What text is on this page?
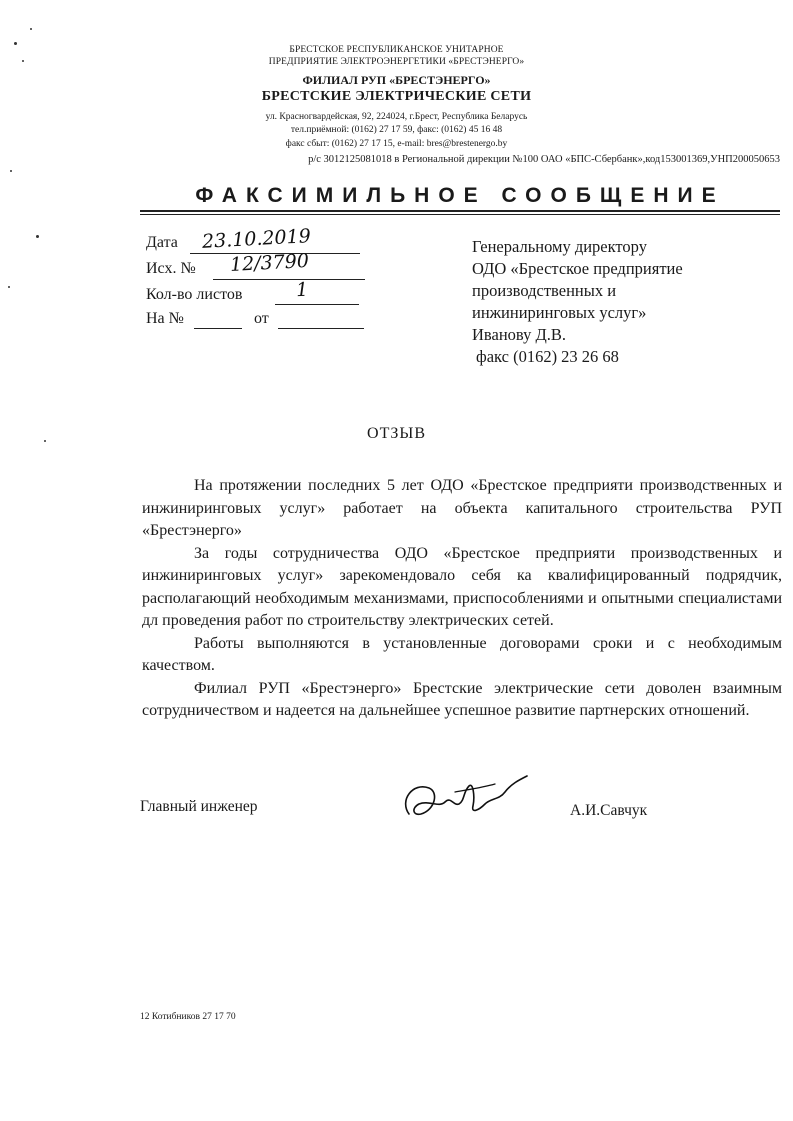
БРЕСТСКОЕ РЕСПУБЛИКАНСКОЕ УНИТАРНОЕ
ПРЕДПРИЯТИЕ ЭЛЕКТРОЭНЕРГЕТИКИ «БРЕСТЭНЕРГО»
ФИЛИАЛ РУП «БРЕСТЭНЕРГО»
БРЕСТСКИЕ ЭЛЕКТРИЧЕСКИЕ СЕТИ
ул. Красногвардейская, 92, 224024, г.Брест, Республика Беларусь
тел.приёмной: (0162) 27 17 59, факс: (0162) 45 16 48
факс сбыт: (0162) 27 17 15, e-mail: bres@brestenergo.by
р/с 3012125081018 в Региональной дирекции №100 ОАО «БПС-Сбербанк»,код153001369,УНП200050653
ФАКСИМИЛЬНОЕ СООБЩЕНИЕ
Дата 23.10.2019
Исх. № 12/3790
Кол-во листов	1
На №	от
Генеральному директору
ОДО «Брестское предприятие
производственных и
инжиниринговых услуг»
Иванову Д.В.
факс (0162) 23 26 68
ОТЗЫВ

На протяжении последних 5 лет ОДО «Брестское предприяти производственных и инжиниринговых услуг» работает на объекта капитального строительства РУП «Брестэнерго»

За годы сотрудничества ОДО «Брестское предприяти производственных и инжиниринговых услуг» зарекомендовало себя ка квалифицированный подрядчик, располагающий необходимым механизмами, приспособлениями и опытными специалистами дл проведения работ по строительству электрических сетей.

Работы выполняются в установленные договорами сроки и с необходимым качеством.

Филиал РУП «Брестэнерго» Брестские электрические сети доволен взаимным сотрудничеством и надеется на дальнейшее успешное развитие партнерских отношений.

Главный инженер	А.И.Савчук
12 Котибников 27 17 70
